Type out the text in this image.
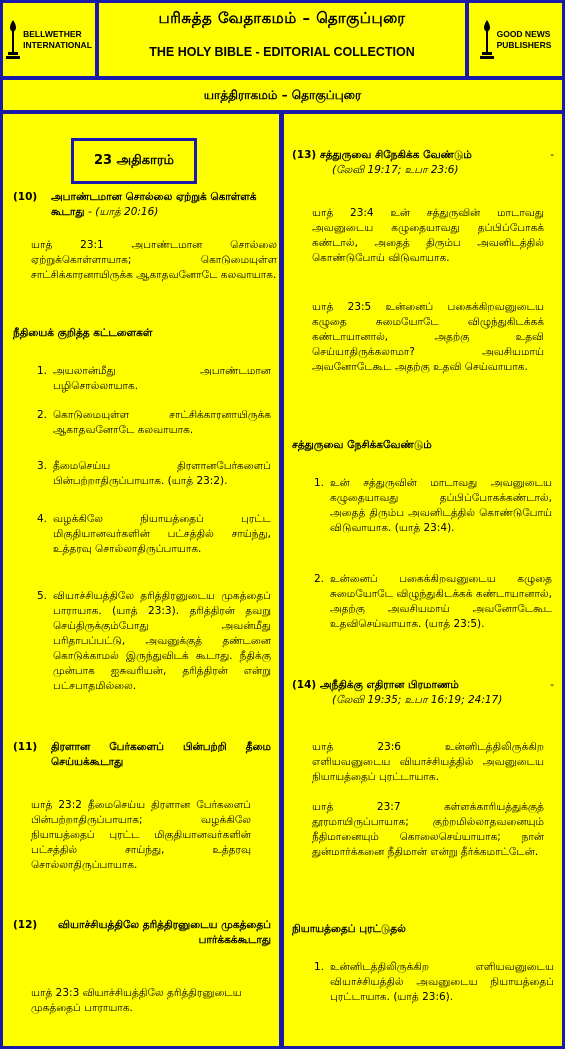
BELLWETHER
INTERNATIONAL
பரிசுத்த வேதாகமம் – தொகுப்புரை
THE HOLY BIBLE - EDITORIAL COLLECTION
GOOD NEWS
PUBLISHERS
யாத்திராகமம் – தொகுப்புரை
23 அதிகாரம்
(10) அபாண்டமான சொல்லை ஏற்றுக் கொள்ளக் கூடாது - (யாத் 20:16)

யாத் 23:1 அபாண்டமான சொல்லை ஏற்றுக்கொள்ளாயாக; கொடுமையுள்ள சாட்சிக்காரனாயிருக்க ஆகாதவனோடே கலவாயாக.

நீதியைக் குறித்த கட்டளைகள்
1. அயலான்மீது அபாண்டமான பழிசொல்லாயாக.
2. கொடுமையுள்ள சாட்சிக்காரனாயிருக்க ஆகாதவனோடே கலவாயாக.
3. தீமைசெய்ய திரளானபேர்களைப் பின்பற்றாதிருப்பாயாக. (யாத் 23:2).
4. வழக்கிலே நியாயத்தைப் புரட்ட மிகுதியானவர்களின் பட்சத்தில் சாய்ந்து, உத்தரவு சொல்லாதிருப்பாயாக.
5. வியாச்சியத்திலே தரித்திரனுடைய முகத்தைப் பாராயாக. (யாத் 23:3). தரித்திரன் தவறு செய்திருக்கும்போது அவன்மீது பரிதாபப்பட்டு, அவனுக்குத் தண்டனை கொடுக்காமல் இருந்துவிடக் கூடாது. நீதிக்கு முன்பாக ஐசுவரியன், தரித்திரன் என்று பட்சபாதமில்லை.
(11) திரளான பேர்களைப் பின்பற்றி தீமை செய்யக்கூடாது

யாத் 23:2 தீமைசெய்ய திரளான பேர்களைப் பின்பற்றாதிருப்பாயாக; வழக்கிலே நியாயத்தைப் புரட்ட மிகுதியானவர்களின் பட்சத்தில் சாய்ந்து, உத்தரவு சொல்லாதிருப்பாயாக.

(12)	வியாச்சியத்திலே தரித்திரனுடைய முகத்தைப் பார்க்கக்கூடாது

யாத் 23:3 வியாச்சியத்திலே தரித்திரனுடைய முகத்தைப் பாராயாக.

(13) சத்துருவை சிநேகிக்க வேண்டும்	-
(லேவி 19:17; உபா 23:6)

யாத் 23:4 உன் சத்துருவின் மாடாவது அவனுடைய கழுதையாவது தப்பிப்போகக் கண்டால், அதைத் திரும்ப அவனிடத்தில் கொண்டுபோய் விடுவாயாக.

யாத் 23:5 உன்னைப் பகைக்கிறவனுடைய கழுதை சுமையோடே விழுந்துகிடக்கக் கண்டாயானால், அதற்கு உதவி செய்யாதிருக்கலாமா? அவசியமாய் அவனோடேகூட அதற்கு உதவி செய்வாயாக.

சத்துருவை நேசிக்கவேண்டும்
1. உன் சத்துருவின் மாடாவது அவனுடைய கழுதையாவது தப்பிப்போகக்கண்டால், அதைத் திரும்ப அவனிடத்தில் கொண்டுபோய் விடுவாயாக. (யாத் 23:4).
2. உன்னைப் பகைக்கிறவனுடைய கழுதை சுமையோடே விழுந்துகிடக்கக் கண்டாயானால், அதற்கு அவசியமாய் அவனோடேகூட உதவிசெய்வாயாக. (யாத் 23:5).
(14) அநீதிக்கு எதிரான பிரமாணம்	-
(லேவி 19:35; உபா 16:19; 24:17)

யாத் 23:6 உன்னிடத்திலிருக்கிற எளியவனுடைய வியாச்சியத்தில் அவனுடைய நியாயத்தைப் புரட்டாயாக.

யாத் 23:7 கள்ளக்காரியத்துக்குத் தூரமாயிருப்பாயாக; குற்றமில்லாதவனையும் நீதிமானையும் கொலைசெய்யாயாக; நான் துன்மார்க்கனை நீதிமான் என்று தீர்க்கமாட்டேன்.

நியாயத்தைப் புரட்டுதல்
1. உன்னிடத்திலிருக்கிற எளியவனுடைய வியாச்சியத்தில் அவனுடைய நியாயத்தைப் புரட்டாயாக. (யாத் 23:6).
